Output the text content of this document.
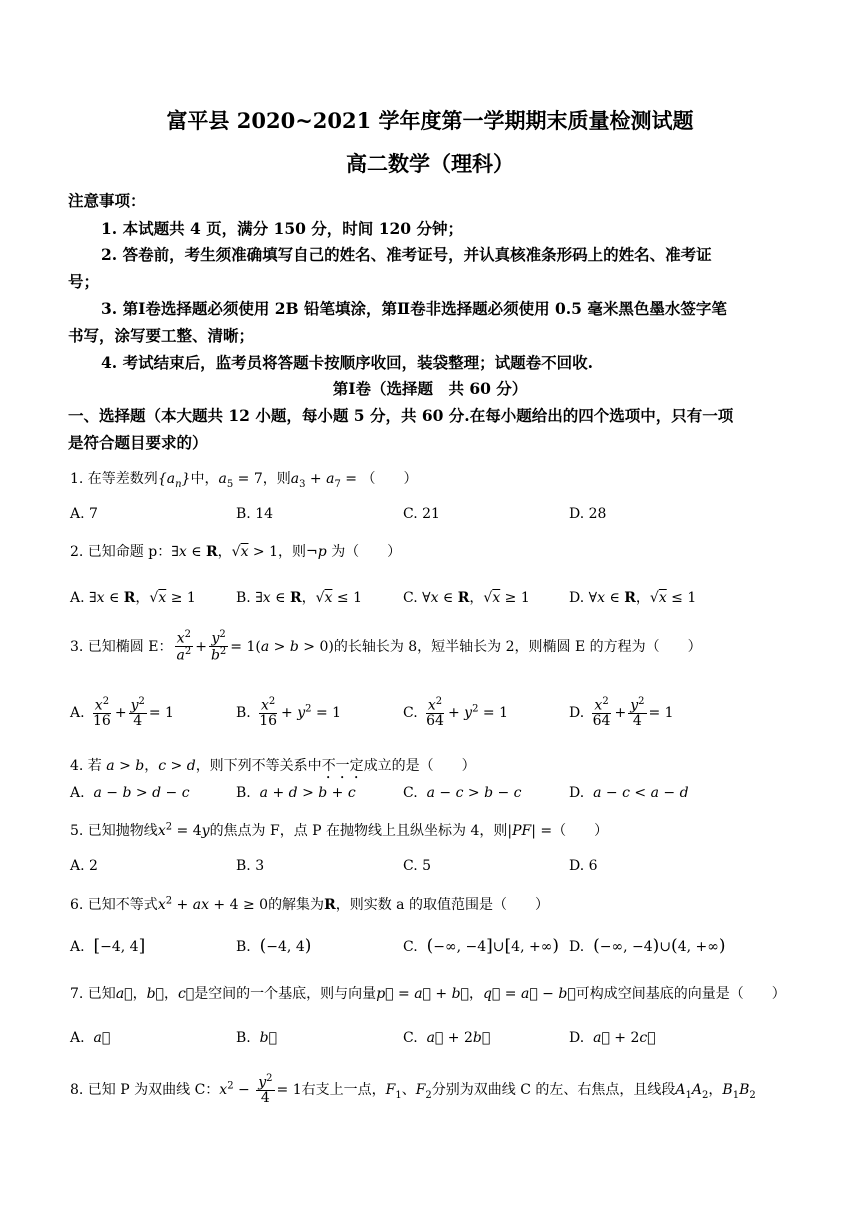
富平县 2020~2021 学年度第一学期期末质量检测试题
高二数学（理科）
注意事项：
1. 本试题共 4 页，满分 150 分，时间 120 分钟；
2. 答卷前，考生须准确填写自己的姓名、准考证号，并认真核准条形码上的姓名、准考证
号；
3. 第Ⅰ卷选择题必须使用 2B 铅笔填涂，第Ⅱ卷非选择题必须使用 0.5 毫米黑色墨水签字笔
书写，涂写要工整、清晰；
4. 考试结束后，监考员将答题卡按顺序收回，装袋整理；试题卷不回收.
第Ⅰ卷（选择题　共 60 分）
一、选择题（本大题共 12 小题，每小题 5 分，共 60 分.在每小题给出的四个选项中，只有一项
是符合题目要求的）
1. 在等差数列$\{a_n\}$中，$a_5 = 7$，则$a_3 + a_7$ = （　　）
A. 7	B. 14	C. 21	D. 28
2. 已知命题 p：∃x ∈ R，√x > 1，则¬p 为（　　）
A. ∃x ∈ R，√x ≥ 1	B. ∃x ∈ R，√x ≤ 1	C. ∀x ∈ R，√x ≥ 1	D. ∀x ∈ R，√x ≤ 1
3. 已知椭圆 E： $\frac{x^2}{a^2} + \frac{y^2}{b^2} = 1(a > b > 0)$的长轴长为 8，短半轴长为 2，则椭圆 E 的方程为（　　）
A. $\frac{x^2}{16} + \frac{y^2}{4} = 1$	B. $\frac{x^2}{16} + y^2 = 1$	C. $\frac{x^2}{64} + y^2 = 1$	D. $\frac{x^2}{64} + \frac{y^2}{4} = 1$
4. 若 a > b，c > d，则下列不等关系中不一定成立的是（　　）
A. a − b > d − c	B. a + d > b + c	C. a − c > b − c	D. a − c < a − d
5. 已知抛物线$x^2 = 4y$的焦点为 F，点 P 在抛物线上且纵坐标为 4，则|PF| =（　　）
A. 2	B. 3	C. 5	D. 6
6. 已知不等式$x^2$ + ax + 4 ≥ 0的解集为R，则实数 a 的取值范围是（　　）
A. [−4, 4]	B. (−4, 4)	C. (−∞, −4]∪[4, +∞) D. (−∞, −4)∪(4, +∞)
7. 已知a⃗，b⃗，c⃗是空间的一个基底，则与向量p⃗ = a⃗ + b⃗，q⃗ = a⃗ − b⃗可构成空间基底的向量是（　　）
A. a⃗	B. b⃗	C. a⃗ + 2b⃗	D. a⃗ + 2c⃗
8. 已知 P 为双曲线 C：$x^2 - \frac{y^2}{4} = 1$右支上一点，$F_1$、$F_2$分别为双曲线 C 的左、右焦点，且线段$A_1A_2$，$B_1B_2$
